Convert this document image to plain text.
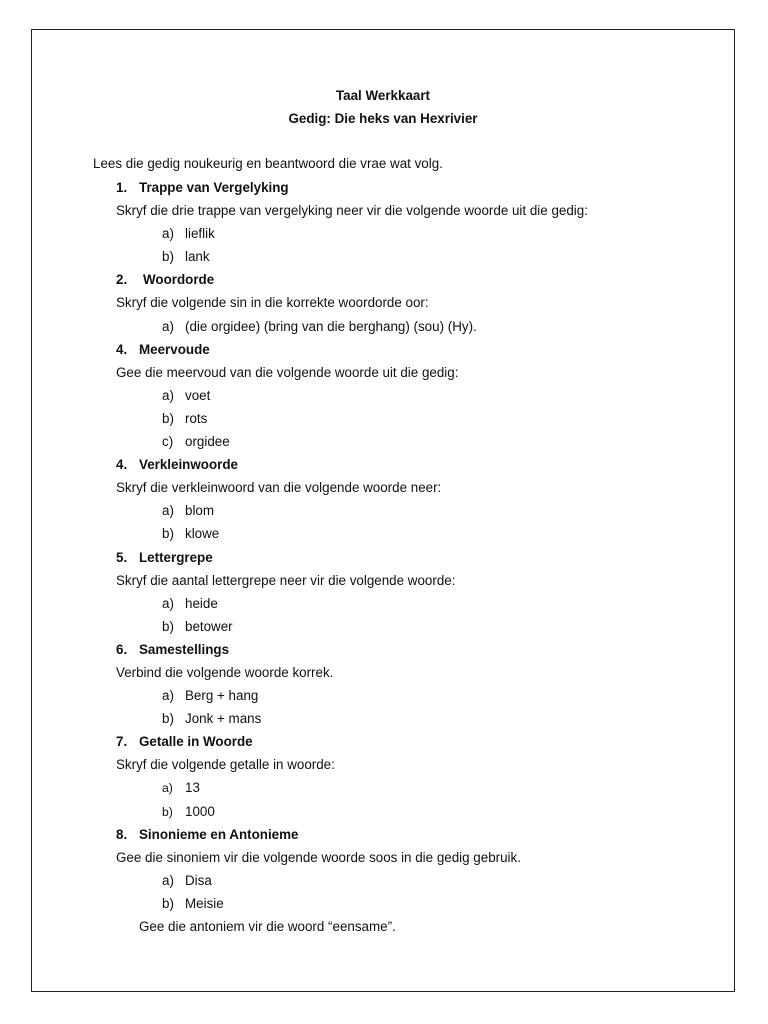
Taal Werkkaart
Gedig: Die heks van Hexrivier
Lees die gedig noukeurig en beantwoord die vrae wat volg.
1. Trappe van Vergelyking
Skryf die drie trappe van vergelyking neer vir die volgende woorde uit die gedig:
a) lieflik
b) lank
2. Woordorde
Skryf die volgende sin in die korrekte woordorde oor:
a) (die orgidee) (bring van die berghang) (sou) (Hy).
4. Meervoude
Gee die meervoud van die volgende woorde uit die gedig:
a) voet
b) rots
c) orgidee
4. Verkleinwoorde
Skryf die verkleinwoord van die volgende woorde neer:
a) blom
b) klowe
5. Lettergrepe
Skryf die aantal lettergrepe neer vir die volgende woorde:
a) heide
b) betower
6. Samestellings
Verbind die volgende woorde korrek.
a) Berg + hang
b) Jonk + mans
7. Getalle in Woorde
Skryf die volgende getalle in woorde:
a) 13
b) 1000
8. Sinonieme en Antonieme
Gee die sinoniem vir die volgende woorde soos in die gedig gebruik.
a) Disa
b) Meisie
Gee die antoniem vir die woord “eensame”.
